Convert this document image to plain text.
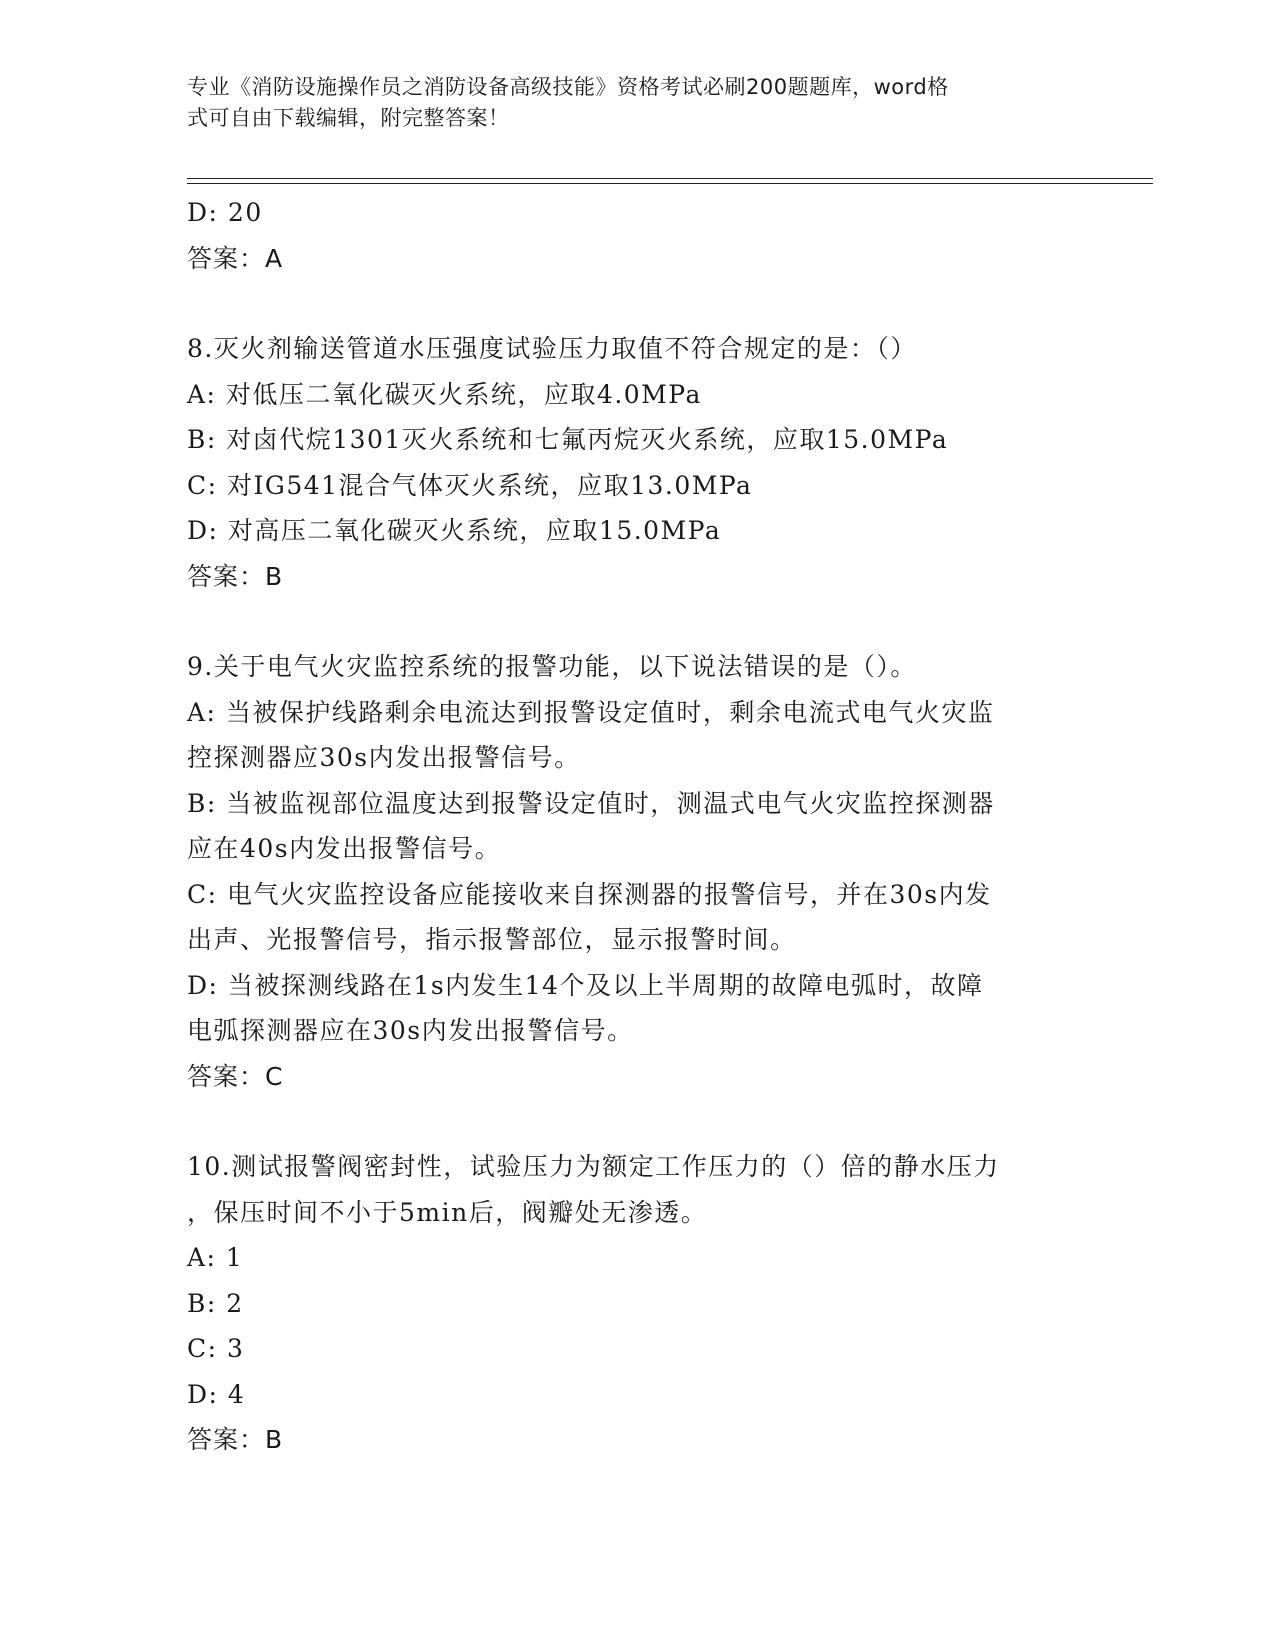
专业《消防设施操作员之消防设备高级技能》资格考试必刷200题题库，word格
式可自由下载编辑，附完整答案！
D: 20
答案：A
8.灭火剂输送管道水压强度试验压力取值不符合规定的是：（）
A: 对低压二氧化碳灭火系统，应取4.0MPa
B: 对卤代烷1301灭火系统和七氟丙烷灭火系统，应取15.0MPa
C: 对IG541混合气体灭火系统，应取13.0MPa
D: 对高压二氧化碳灭火系统，应取15.0MPa
答案：B
9.关于电气火灾监控系统的报警功能，以下说法错误的是（）。
A: 当被保护线路剩余电流达到报警设定值时，剩余电流式电气火灾监
控探测器应30s内发出报警信号。
B: 当被监视部位温度达到报警设定值时，测温式电气火灾监控探测器
应在40s内发出报警信号。
C: 电气火灾监控设备应能接收来自探测器的报警信号，并在30s内发
出声、光报警信号，指示报警部位，显示报警时间。
D: 当被探测线路在1s内发生14个及以上半周期的故障电弧时，故障
电弧探测器应在30s内发出报警信号。
答案：C
10.测试报警阀密封性，试验压力为额定工作压力的（）倍的静水压力
，保压时间不小于5min后，阀瓣处无渗透。
A: 1
B: 2
C: 3
D: 4
答案：B
